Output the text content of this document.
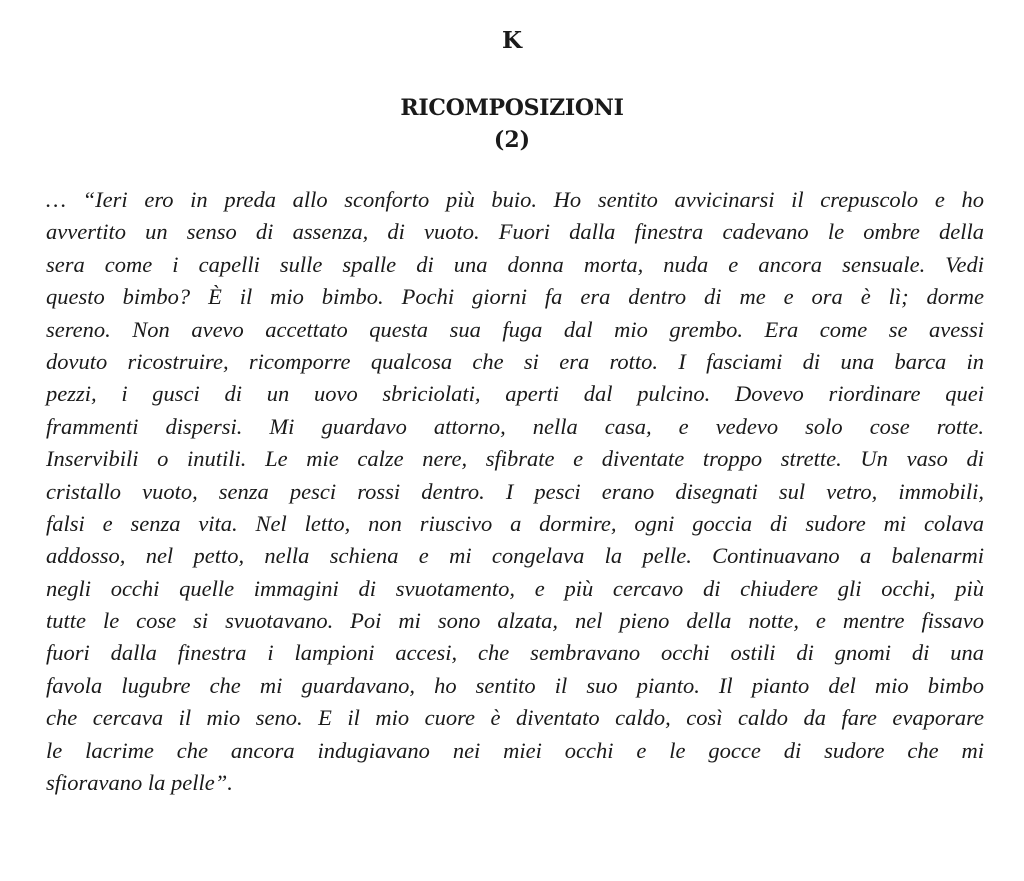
K
RICOMPOSIZIONI
(2)
… “Ieri ero in preda allo sconforto più buio. Ho sentito avvicinarsi il crepuscolo e ho
avvertito un senso di assenza, di vuoto. Fuori dalla finestra cadevano le ombre della
sera come i capelli sulle spalle di una donna morta, nuda e ancora sensuale. Vedi
questo bimbo? È il mio bimbo. Pochi giorni fa era dentro di me e ora è lì; dorme
sereno. Non avevo accettato questa sua fuga dal mio grembo. Era come se avessi
dovuto ricostruire, ricomporre qualcosa che si era rotto. I fasciami di una barca in
pezzi, i gusci di un uovo sbriciolati, aperti dal pulcino. Dovevo riordinare quei
frammenti dispersi. Mi guardavo attorno, nella casa, e vedevo solo cose rotte.
Inservibili o inutili. Le mie calze nere, sfibrate e diventate troppo strette. Un vaso di
cristallo vuoto, senza pesci rossi dentro. I pesci erano disegnati sul vetro, immobili,
falsi e senza vita. Nel letto, non riuscivo a dormire, ogni goccia di sudore mi colava
addosso, nel petto, nella schiena e mi congelava la pelle. Continuavano a balenarmi
negli occhi quelle immagini di svuotamento, e più cercavo di chiudere gli occhi, più
tutte le cose si svuotavano. Poi mi sono alzata, nel pieno della notte, e mentre fissavo
fuori dalla finestra i lampioni accesi, che sembravano occhi ostili di gnomi di una
favola lugubre che mi guardavano, ho sentito il suo pianto. Il pianto del mio bimbo
che cercava il mio seno. E il mio cuore è diventato caldo, così caldo da fare evaporare
le lacrime che ancora indugiavano nei miei occhi e le gocce di sudore che mi
sfioravano la pelle”.
